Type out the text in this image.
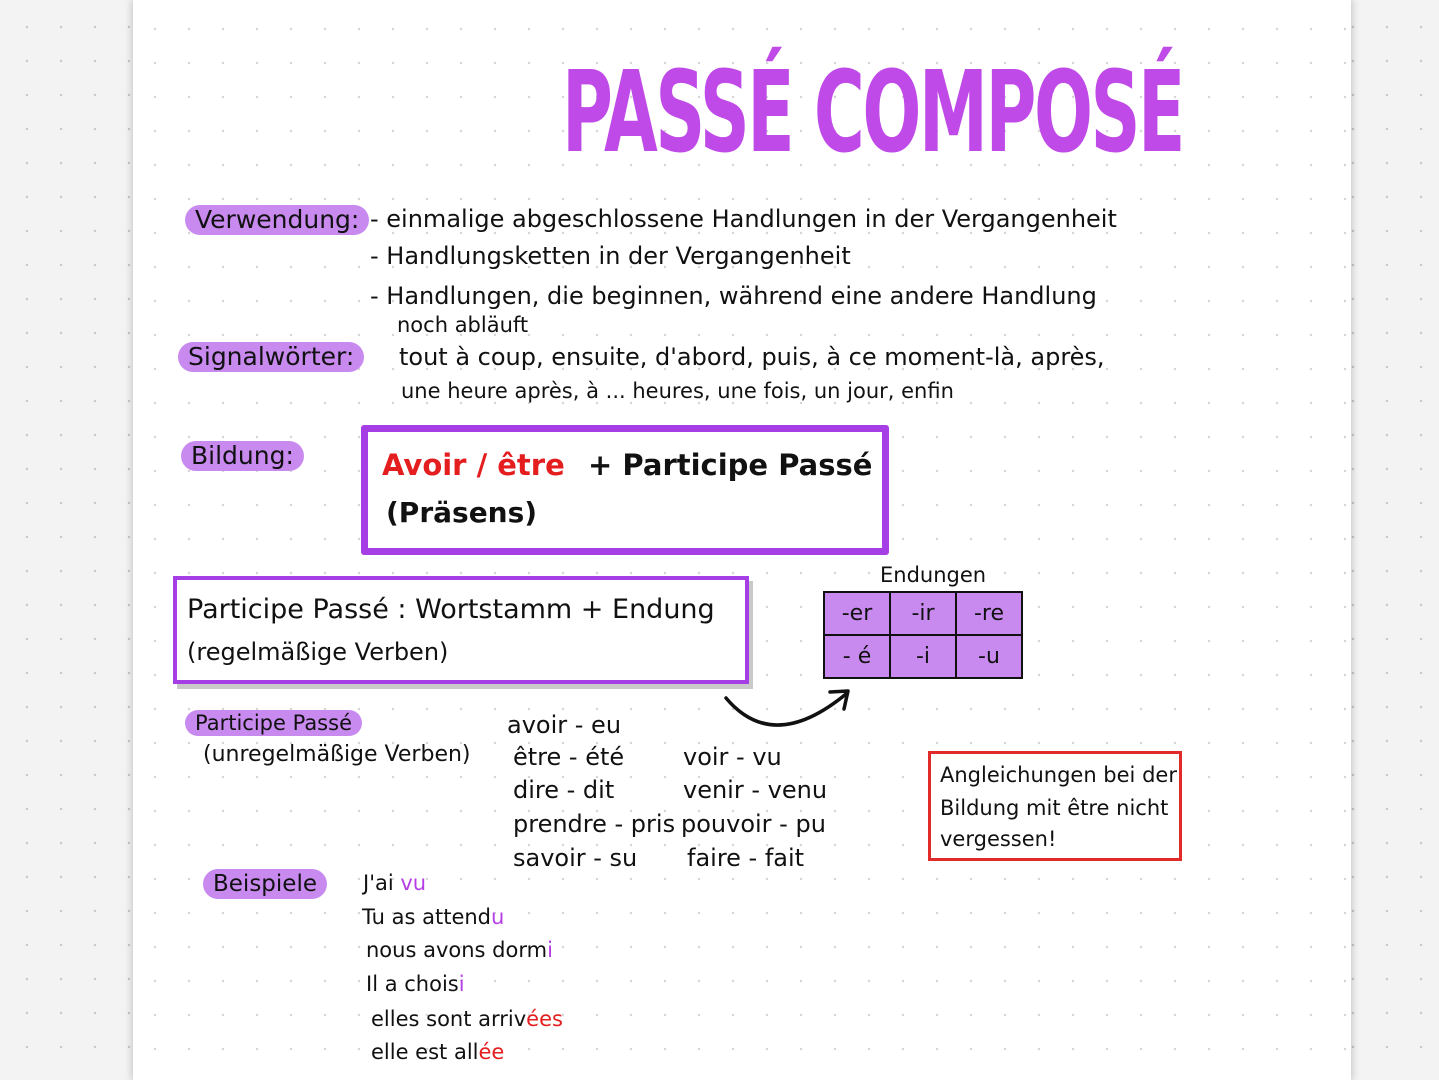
PASSÉ COMPOSÉ
Verwendung: - einmalige abgeschlossene Handlungen in der Vergangenheit
- Handlungsketten in der Vergangenheit
- Handlungen, die beginnen, während eine andere Handlung
noch abläuft
Signalwörter:	tout à coup, ensuite, d'abord, puis, à ce moment-là, après,
une heure après, à ... heures, une fois, un jour, enfin
Bildung:	Avoir / être + Participe Passé
(Präsens)
Participe Passé : Wortstamm + Endung
(regelmäßige Verben)
Endungen
-er	-ir	-re
- é	-i	-u
Participe Passé
(unregelmäßige Verben)
avoir - eu
être - été
dire - dit
prendre - pris
savoir - su
voir - vu
venir - venu
pouvoir - pu
faire - fait
Angleichungen bei der
Bildung mit être nicht
vergessen!
Beispiele	J'ai vu
Tu as attendu
nous avons dormi
Il a choisi
elles sont arrivées
elle est allée
